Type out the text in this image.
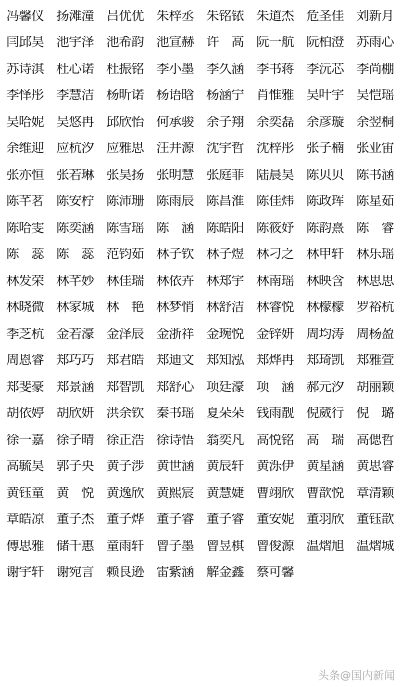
冯馨仪 扬滩潼 吕优优 朱梓丞 朱铭铱 朱道杰 危圣佳 刘新月
闫邱昊 池宇泽 池希韵 池宣赫 许　高 阮一航 阮柏澄 苏雨心
苏诗淇 杜心诺 杜振铭 李小墨 李久涵 李书蒋 李沅芯 李尚棚
李怿彤 李慧洁 杨昕诺 杨语晗 杨涵宁 肖惟雅 吴叶宇 吴恺瑶
吴哈妮 吴悠冉 邱欣怡 何承骏 余子翔 余奕磊 余彦璇 余翌桐
余维迎 应杭汐 应雅思 汪井源 沈宇哲 沈梓彤 张子楠 张业宙
张亦恒 张若琳 张昊扬 张明慧 张庭菲 陆晨昊 陈贝贝 陈书涵
陈芊茗 陈安柠 陈沛珊 陈雨辰 陈昌淮 陈佳炜 陈政珲 陈星茹
陈哈雯 陈奕涵 陈雪瑶 陈　涵 陈皓阳 陈筱妤 陈韵熹 陈　睿
陈　蕊 陈　蕊 范钧茹 林子钦 林子煜 林刁之 林甲轩 林乐瑶
林发荣 林芊妙 林佳瑞 林依卉 林郑宇 林南瑶 林映含 林思思
林晓微 林家城 林　艳 林梦悄 林舒洁 林睿悦 林檬檬 罗裕杭
季芝杭 金若濠 金泽辰 金浙祥 金琬悦 金锌妍 周均涛 周杨盈
周恩睿 郑巧巧 郑君皓 郑迪文 郑知泓 郑烨冉 郑琦凯 郑雅萱
郑斐豪 郑景涵 郑智凯 郑舒心 项廷濠 项　涵 郝元汐 胡丽颖
胡依婷 胡欣妍 洪余钦 秦书瑶 夏朵朵 钱雨靓 倪葳行 倪　璐
徐一嘉 徐子晴 徐正浩 徐诗悟 翁奕凡 高悦铭 高　瑞 高偲哲
高毓昊 郭子央 黄子涉 黄世涵 黄辰轩 黄泺伊 黄星涵 黄思睿
黄钰童 黄　悦 黄逸欣 黄熙宸 黄慧婕 曹翊欣 曹歆悦 章清颖
章皓凉 董子杰 董子烨 董子睿 董子睿 董安妮 董羽欣 董钰歆
傅思雅 储千惠 童雨轩 曾子墨 曾昱棋 曾俊源 温熠旭 温熠城
谢宇轩 谢宛言 赖良逊 雷紫涵 解金鑫 蔡可馨
头条@国内新闻
